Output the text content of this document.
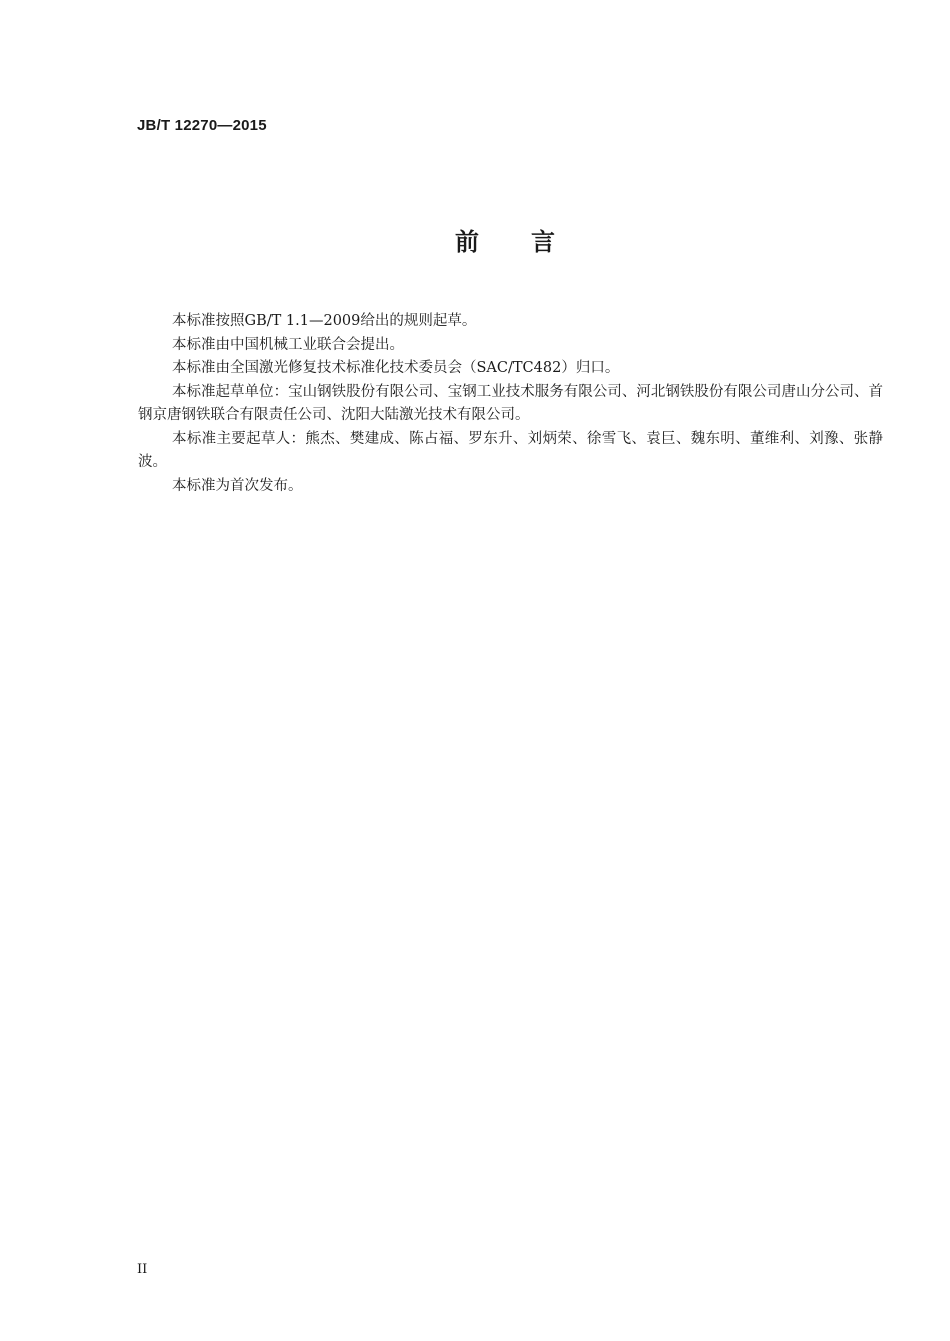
JB/T 12270—2015
前 言

本标准按照GB/T 1.1—2009给出的规则起草。

本标准由中国机械工业联合会提出。

本标准由全国激光修复技术标准化技术委员会（SAC/TC482）归口。

本标准起草单位：宝山钢铁股份有限公司、宝钢工业技术服务有限公司、河北钢铁股份有限公司唐山分公司、首钢京唐钢铁联合有限责任公司、沈阳大陆激光技术有限公司。

本标准主要起草人：熊杰、樊建成、陈占福、罗东升、刘炳荣、徐雪飞、袁巨、魏东明、董维利、刘豫、张静波。

本标准为首次发布。

II
